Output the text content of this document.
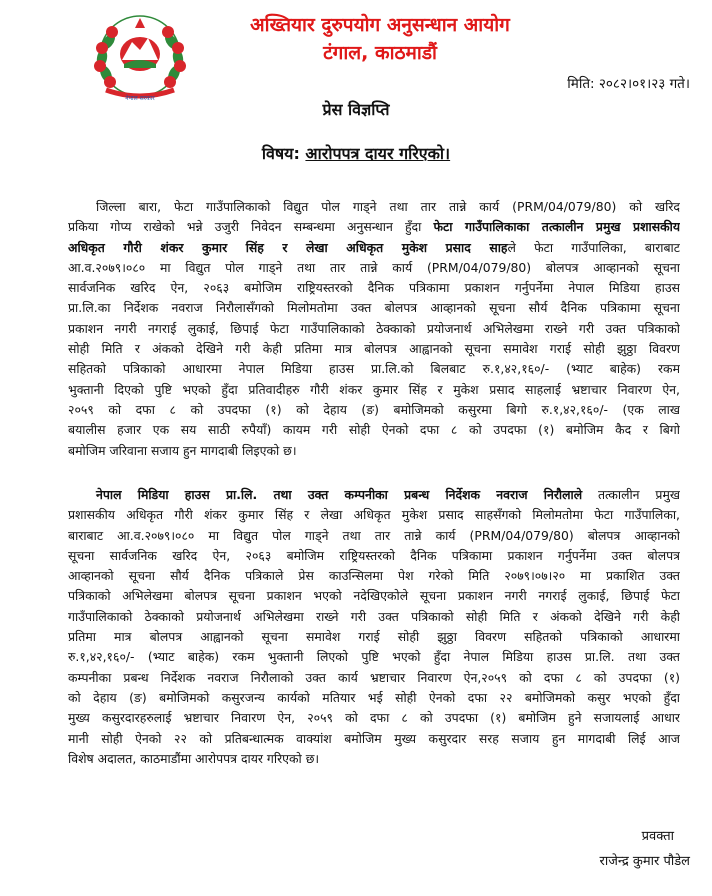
नेपाल सरकार
अख्तियार दुरुपयोग अनुसन्धान आयोग
टंगाल, काठमाडौं
मिति: २०८२।०१।२३ गते।
प्रेस विज्ञप्ति
विषय: आरोपपत्र दायर गरिएको।
जिल्ला बारा, फेटा गाउँपालिकाको विद्युत पोल गाड्ने तथा तार तान्ने कार्य (PRM/04/079/80) को खरिद
प्रकिया गोप्य राखेको भन्ने उजुरी निवेदन सम्बन्धमा अनुसन्धान हुँदा फेटा गाउँपालिकाका तत्कालीन प्रमुख प्रशासकीय
अधिकृत गौरी शंकर कुमार सिंह र लेखा अधिकृत मुकेश प्रसाद साहले फेटा गाउँपालिका, बाराबाट
आ.व.२०७९।०८० मा विद्युत पोल गाड्ने तथा तार तान्ने कार्य (PRM/04/079/80) बोलपत्र आव्हानको सूचना
सार्वजनिक खरिद ऐन, २०६३ बमोजिम राष्ट्रियस्तरको दैनिक पत्रिकामा प्रकाशन गर्नुपर्नेमा नेपाल मिडिया हाउस
प्रा.लि.का निर्देशक नवराज निरौलासँगको मिलोमतोमा उक्त बोलपत्र आव्हानको सूचना सौर्य दैनिक पत्रिकामा सूचना
प्रकाशन नगरी नगराई लुकाई, छिपाई फेटा गाउँपालिकाको ठेक्काको प्रयोजनार्थ अभिलेखमा राख्ने गरी उक्त पत्रिकाको
सोही मिति र अंकको देखिने गरी केही प्रतिमा मात्र बोलपत्र आह्वानको सूचना समावेश गराई सोही झुठ्ठा विवरण
सहितको पत्रिकाको आधारमा नेपाल मिडिया हाउस प्रा.लि.को बिलबाट रु.१,४२,१६०/- (भ्याट बाहेक) रकम
भुक्तानी दिएको पुष्टि भएको हुँदा प्रतिवादीहरु गौरी शंकर कुमार सिंह र मुकेश प्रसाद साहलाई भ्रष्टाचार निवारण ऐन,
२०५९ को दफा ८ को उपदफा (१) को देहाय (ङ) बमोजिमको कसुरमा बिगो रु.१,४२,१६०/- (एक लाख
बयालीस हजार एक सय साठी रुपैयाँ) कायम गरी सोही ऐनको दफा ८ को उपदफा (१) बमोजिम कैद र बिगो
बमोजिम जरिवाना सजाय हुन मागदाबी लिइएको छ।
नेपाल मिडिया हाउस प्रा.लि. तथा उक्त कम्पनीका प्रबन्ध निर्देशक नवराज निरौलाले तत्कालीन प्रमुख
प्रशासकीय अधिकृत गौरी शंकर कुमार सिंह र लेखा अधिकृत मुकेश प्रसाद साहसँगको मिलोमतोमा फेटा गाउँपालिका,
बाराबाट आ.व.२०७९।०८० मा विद्युत पोल गाड्ने तथा तार तान्ने कार्य (PRM/04/079/80) बोलपत्र आव्हानको
सूचना सार्वजनिक खरिद ऐन, २०६३ बमोजिम राष्ट्रियस्तरको दैनिक पत्रिकामा प्रकाशन गर्नुपर्नेमा उक्त बोलपत्र
आव्हानको सूचना सौर्य दैनिक पत्रिकाले प्रेस काउन्सिलमा पेश गरेको मिति २०७९।०७।२० मा प्रकाशित उक्त
पत्रिकाको अभिलेखमा बोलपत्र सूचना प्रकाशन भएको नदेखिएकोले सूचना प्रकाशन नगरी नगराई लुकाई, छिपाई फेटा
गाउँपालिकाको ठेक्काको प्रयोजनार्थ अभिलेखमा राख्ने गरी उक्त पत्रिकाको सोही मिति र अंकको देखिने गरी केही
प्रतिमा मात्र बोलपत्र आह्वानको सूचना समावेश गराई सोही झुठ्ठा विवरण सहितको पत्रिकाको आधारमा
रु.१,४२,१६०/- (भ्याट बाहेक) रकम भुक्तानी लिएको पुष्टि भएको हुँदा नेपाल मिडिया हाउस प्रा.लि. तथा उक्त
कम्पनीका प्रबन्ध निर्देशक नवराज निरौलाको उक्त कार्य भ्रष्टाचार निवारण ऐन,२०५९ को दफा ८ को उपदफा (१)
को देहाय (ङ) बमोजिमको कसुरजन्य कार्यको मतियार भई सोही ऐनको दफा २२ बमोजिमको कसुर भएको हुँदा
मुख्य कसुरदारहरुलाई भ्रष्टाचार निवारण ऐन, २०५९ को दफा ८ को उपदफा (१) बमोजिम हुने सजायलाई आधार
मानी सोही ऐनको २२ को प्रतिबन्धात्मक वाक्यांश बमोजिम मुख्य कसुरदार सरह सजाय हुन मागदाबी लिई आज
विशेष अदालत, काठमाडौंमा आरोपपत्र दायर गरिएको छ।
प्रवक्ता
राजेन्द्र कुमार पौडेल
